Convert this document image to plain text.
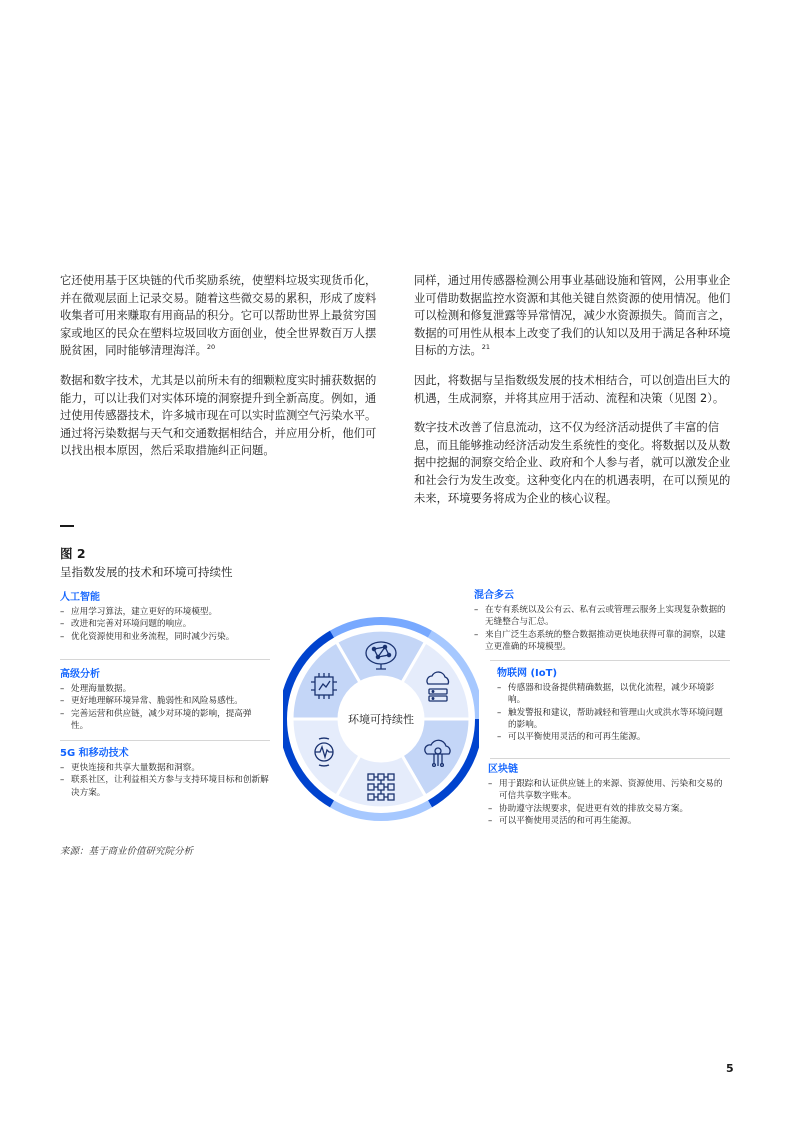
它还使用基于区块链的代币奖励系统，使塑料垃圾实现货币化，并在微观层面上记录交易。随着这些微交易的累积，形成了废料收集者可用来赚取有用商品的积分。它可以帮助世界上最贫穷国家或地区的民众在塑料垃圾回收方面创业，使全世界数百万人摆脱贫困，同时能够清理海洋。$^{20}$

数据和数字技术，尤其是以前所未有的细颗粒度实时捕获数据的能力，可以让我们对实体环境的洞察提升到全新高度。例如，通过使用传感器技术，许多城市现在可以实时监测空气污染水平。通过将污染数据与天气和交通数据相结合，并应用分析，他们可以找出根本原因，然后采取措施纠正问题。

同样，通过用传感器检测公用事业基础设施和管网，公用事业企业可借助数据监控水资源和其他关键自然资源的使用情况。他们可以检测和修复泄露等异常情况，减少水资源损失。简而言之，数据的可用性从根本上改变了我们的认知以及用于满足各种环境目标的方法。$^{21}$

因此，将数据与呈指数级发展的技术相结合，可以创造出巨大的机遇，生成洞察，并将其应用于活动、流程和决策（见图 2）。

数字技术改善了信息流动，这不仅为经济活动提供了丰富的信息，而且能够推动经济活动发生系统性的变化。将数据以及从数据中挖掘的洞察交给企业、政府和个人参与者，就可以激发企业和社会行为发生改变。这种变化内在的机遇表明，在可以预见的未来，环境要务将成为企业的核心议程。

图 2
呈指数发展的技术和环境可持续性
人工智能
– 应用学习算法，建立更好的环境模型。
– 改进和完善对环境问题的响应。
– 优化资源使用和业务流程，同时减少污染。
高级分析
– 处理海量数据。
– 更好地理解环境异常、脆弱性和风险易感性。
– 完善运营和供应链，减少对环境的影响，提高弹性。
5G 和移动技术
– 更快连接和共享大量数据和洞察。
– 联系社区，让利益相关方参与支持环境目标和创新解决方案。
混合多云
– 在专有系统以及公有云、私有云或管理云服务上实现复杂数据的无缝整合与汇总。
– 来自广泛生态系统的整合数据推动更快地获得可靠的洞察，以建立更准确的环境模型。
物联网 (IoT)
– 传感器和设备提供精确数据，以优化流程，减少环境影响。
– 触发警报和建议，帮助减轻和管理山火或洪水等环境问题的影响。
– 可以平衡使用灵活的和可再生能源。
区块链
– 用于跟踪和认证供应链上的来源、资源使用、污染和交易的可信共享数字账本。
– 协助遵守法规要求，促进更有效的排放交易方案。
– 可以平衡使用灵活的和可再生能源。
环境可持续性
来源：基于商业价值研究院分析
5
